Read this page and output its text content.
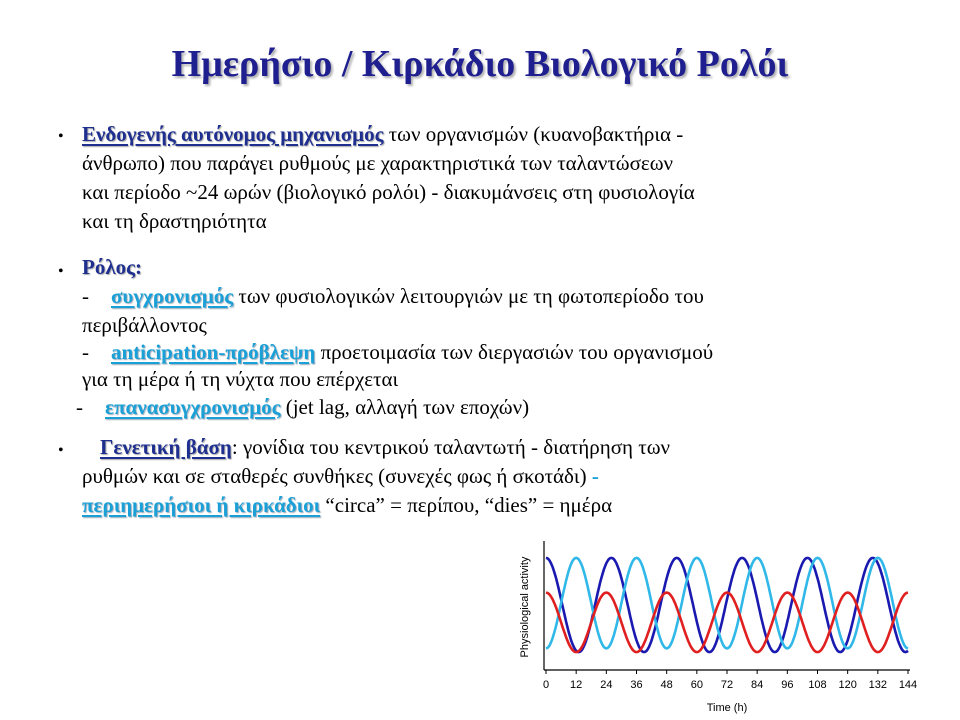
Ημερήσιο / Κιρκάδιο Βιολογικό Ρολόι
• Ενδογενής αυτόνομος μηχανισμός των οργανισμών (κυανοβακτήρια -
άνθρωπο) που παράγει ρυθμούς με χαρακτηριστικά των ταλαντώσεων
και περίοδο ~24 ωρών (βιολογικό ρολόι) - διακυμάνσεις στη φυσιολογία
και τη δραστηριότητα
• Ρόλος:
- συγχρονισμός των φυσιολογικών λειτουργιών με τη φωτοπερίοδο του
περιβάλλοντος
- anticipation-πρόβλεψη προετοιμασία των διεργασιών του οργανισμού
για τη μέρα ή τη νύχτα που επέρχεται
- επανασυγχρονισμός (jet lag, αλλαγή των εποχών)
• Γενετική βάση: γονίδια του κεντρικού ταλαντωτή - διατήρηση των
ρυθμών και σε σταθερές συνθήκες (συνεχές φως ή σκοτάδι) -
περιημερήσιοι ή κιρκάδιοι “circa” = περίπου, “dies” = ημέρα
0 12 24 36 48 60 72 84 96 108 120 132 144
Time (h)
Physiological activity
